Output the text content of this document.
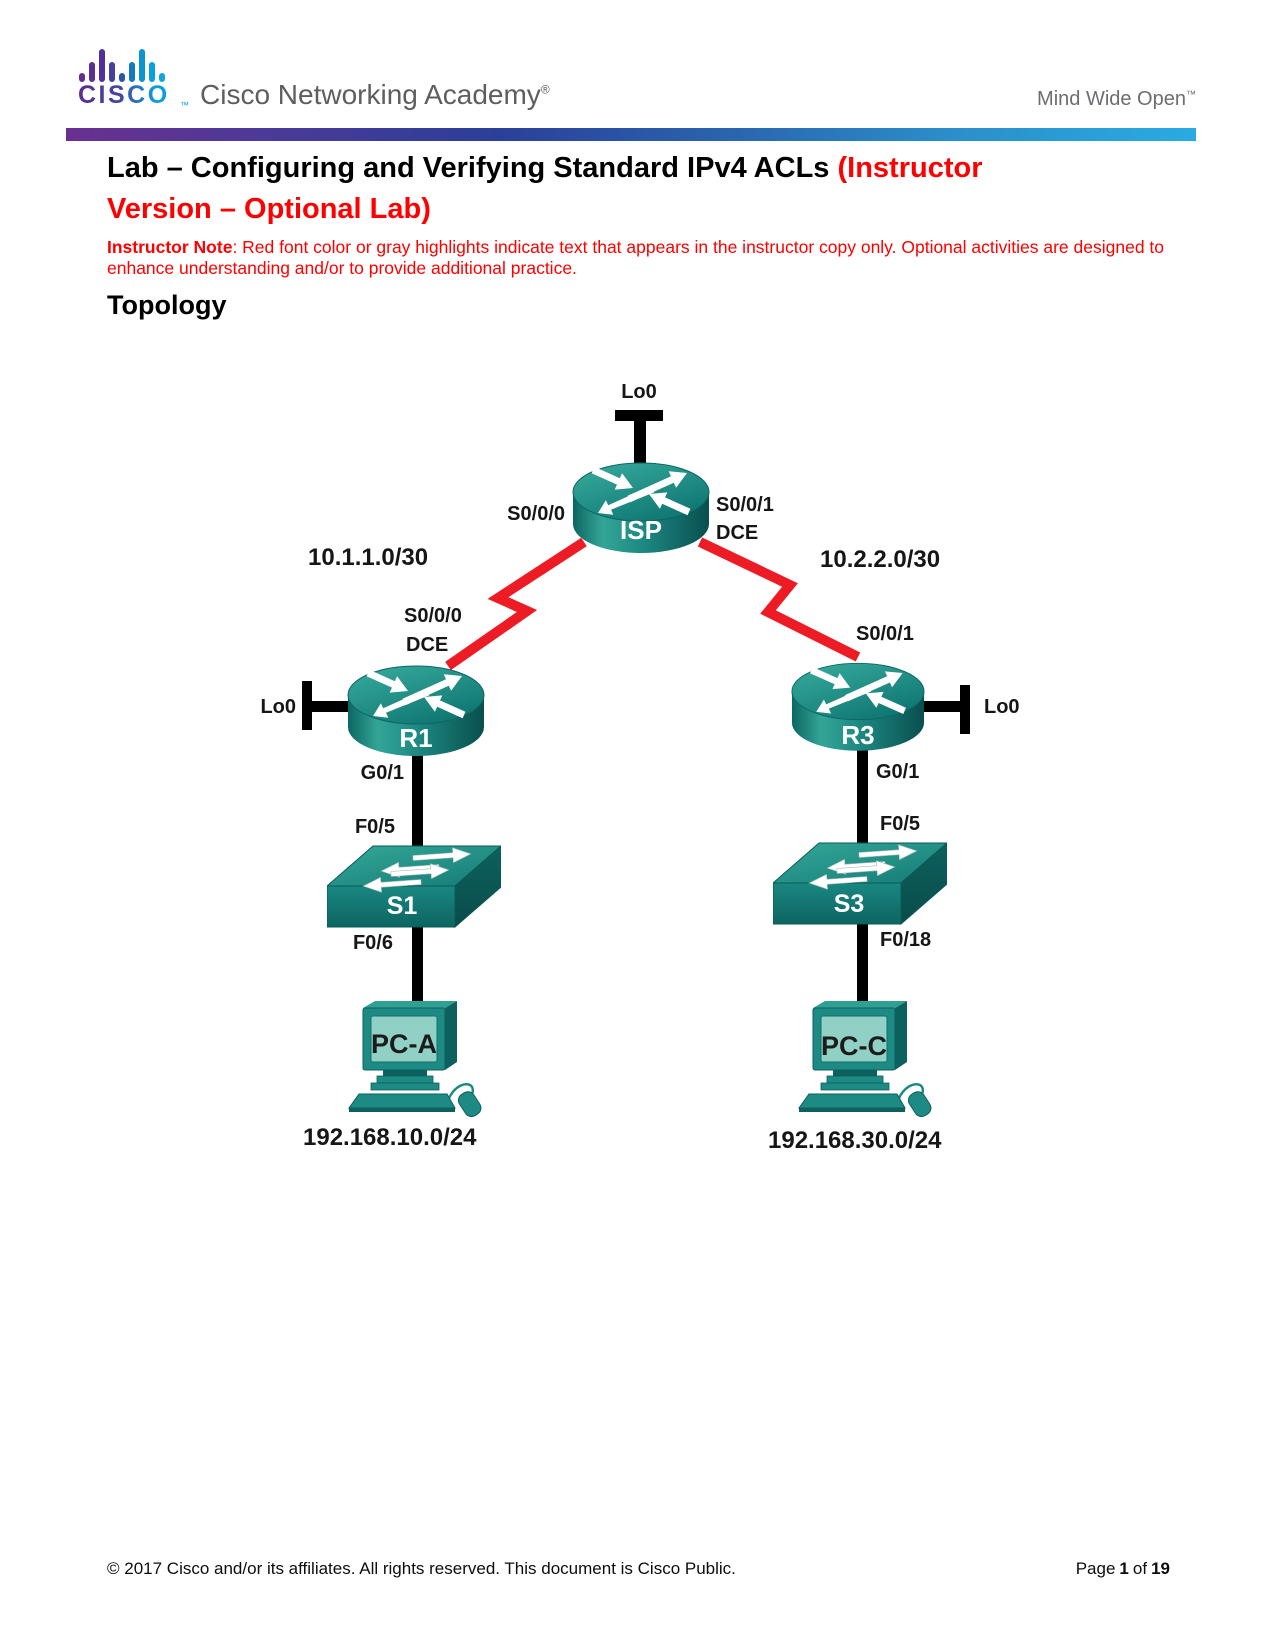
CISCO ™ Cisco Networking Academy®	Mind Wide Open™
Lab – Configuring and Verifying Standard IPv4 ACLs (Instructor
Version – Optional Lab)

Instructor Note: Red font color or gray highlights indicate text that appears in the instructor copy only. Optional activities are designed to enhance understanding and/or to provide additional practice.

Topology
ISP
R1	R3
S1	S3
PC-A	PC-C
Lo0
S0/0/0	S0/0/1
DCE
10.1.1.0/30	10.2.2.0/30
S0/0/0
DCE
Lo0
G0/1
F0/5
F0/6
192.168.10.0/24
S0/0/1
Lo0
G0/1
F0/5
F0/18
192.168.30.0/24
© 2017 Cisco and/or its affiliates. All rights reserved. This document is Cisco Public.	Page 1 of 19
